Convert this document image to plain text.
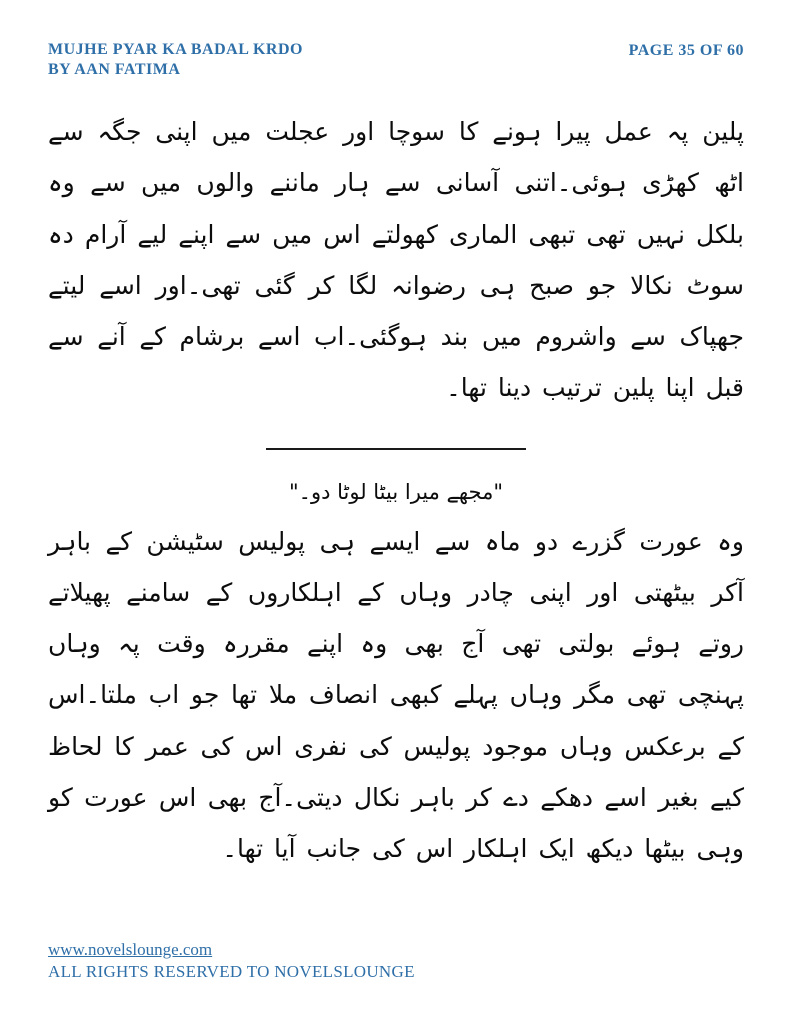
MUJHE PYAR KA BADAL KRDO
BY AAN FATIMA
PAGE 35 OF 60

پلین پہ عمل پیرا ہونے کا سوچا اور عجلت میں اپنی جگہ سے اٹھ کھڑی ہوئی۔اتنی آسانی سے ہار ماننے والوں میں سے وہ بلکل نہیں تھی تبھی الماری کھولتے اس میں سے اپنے لیے آرام دہ سوٹ نکالا جو صبح ہی رضوانہ لگا کر گئی تھی۔اور اسے لیتے جھپاک سے واشروم میں بند ہوگئی۔اب اسے برشام کے آنے سے قبل اپنا پلین ترتیب دینا تھا۔

"مجھے میرا بیٹا لوٹا دو۔"

وہ عورت گزرے دو ماہ سے ایسے ہی پولیس سٹیشن کے باہر آکر بیٹھتی اور اپنی چادر وہاں کے اہلکاروں کے سامنے پھیلاتے روتے ہوئے بولتی تھی آج بھی وہ اپنے مقررہ وقت پہ وہاں پہنچی تھی مگر وہاں پہلے کبھی انصاف ملا تھا جو اب ملتا۔اس کے برعکس وہاں موجود پولیس کی نفری اس کی عمر کا لحاظ کیے بغیر اسے دھکے دے کر باہر نکال دیتی۔آج بھی اس عورت کو وہی بیٹھا دیکھ ایک اہلکار اس کی جانب آیا تھا۔

www.novelslounge.com
ALL RIGHTS RESERVED TO NOVELSLOUNGE
